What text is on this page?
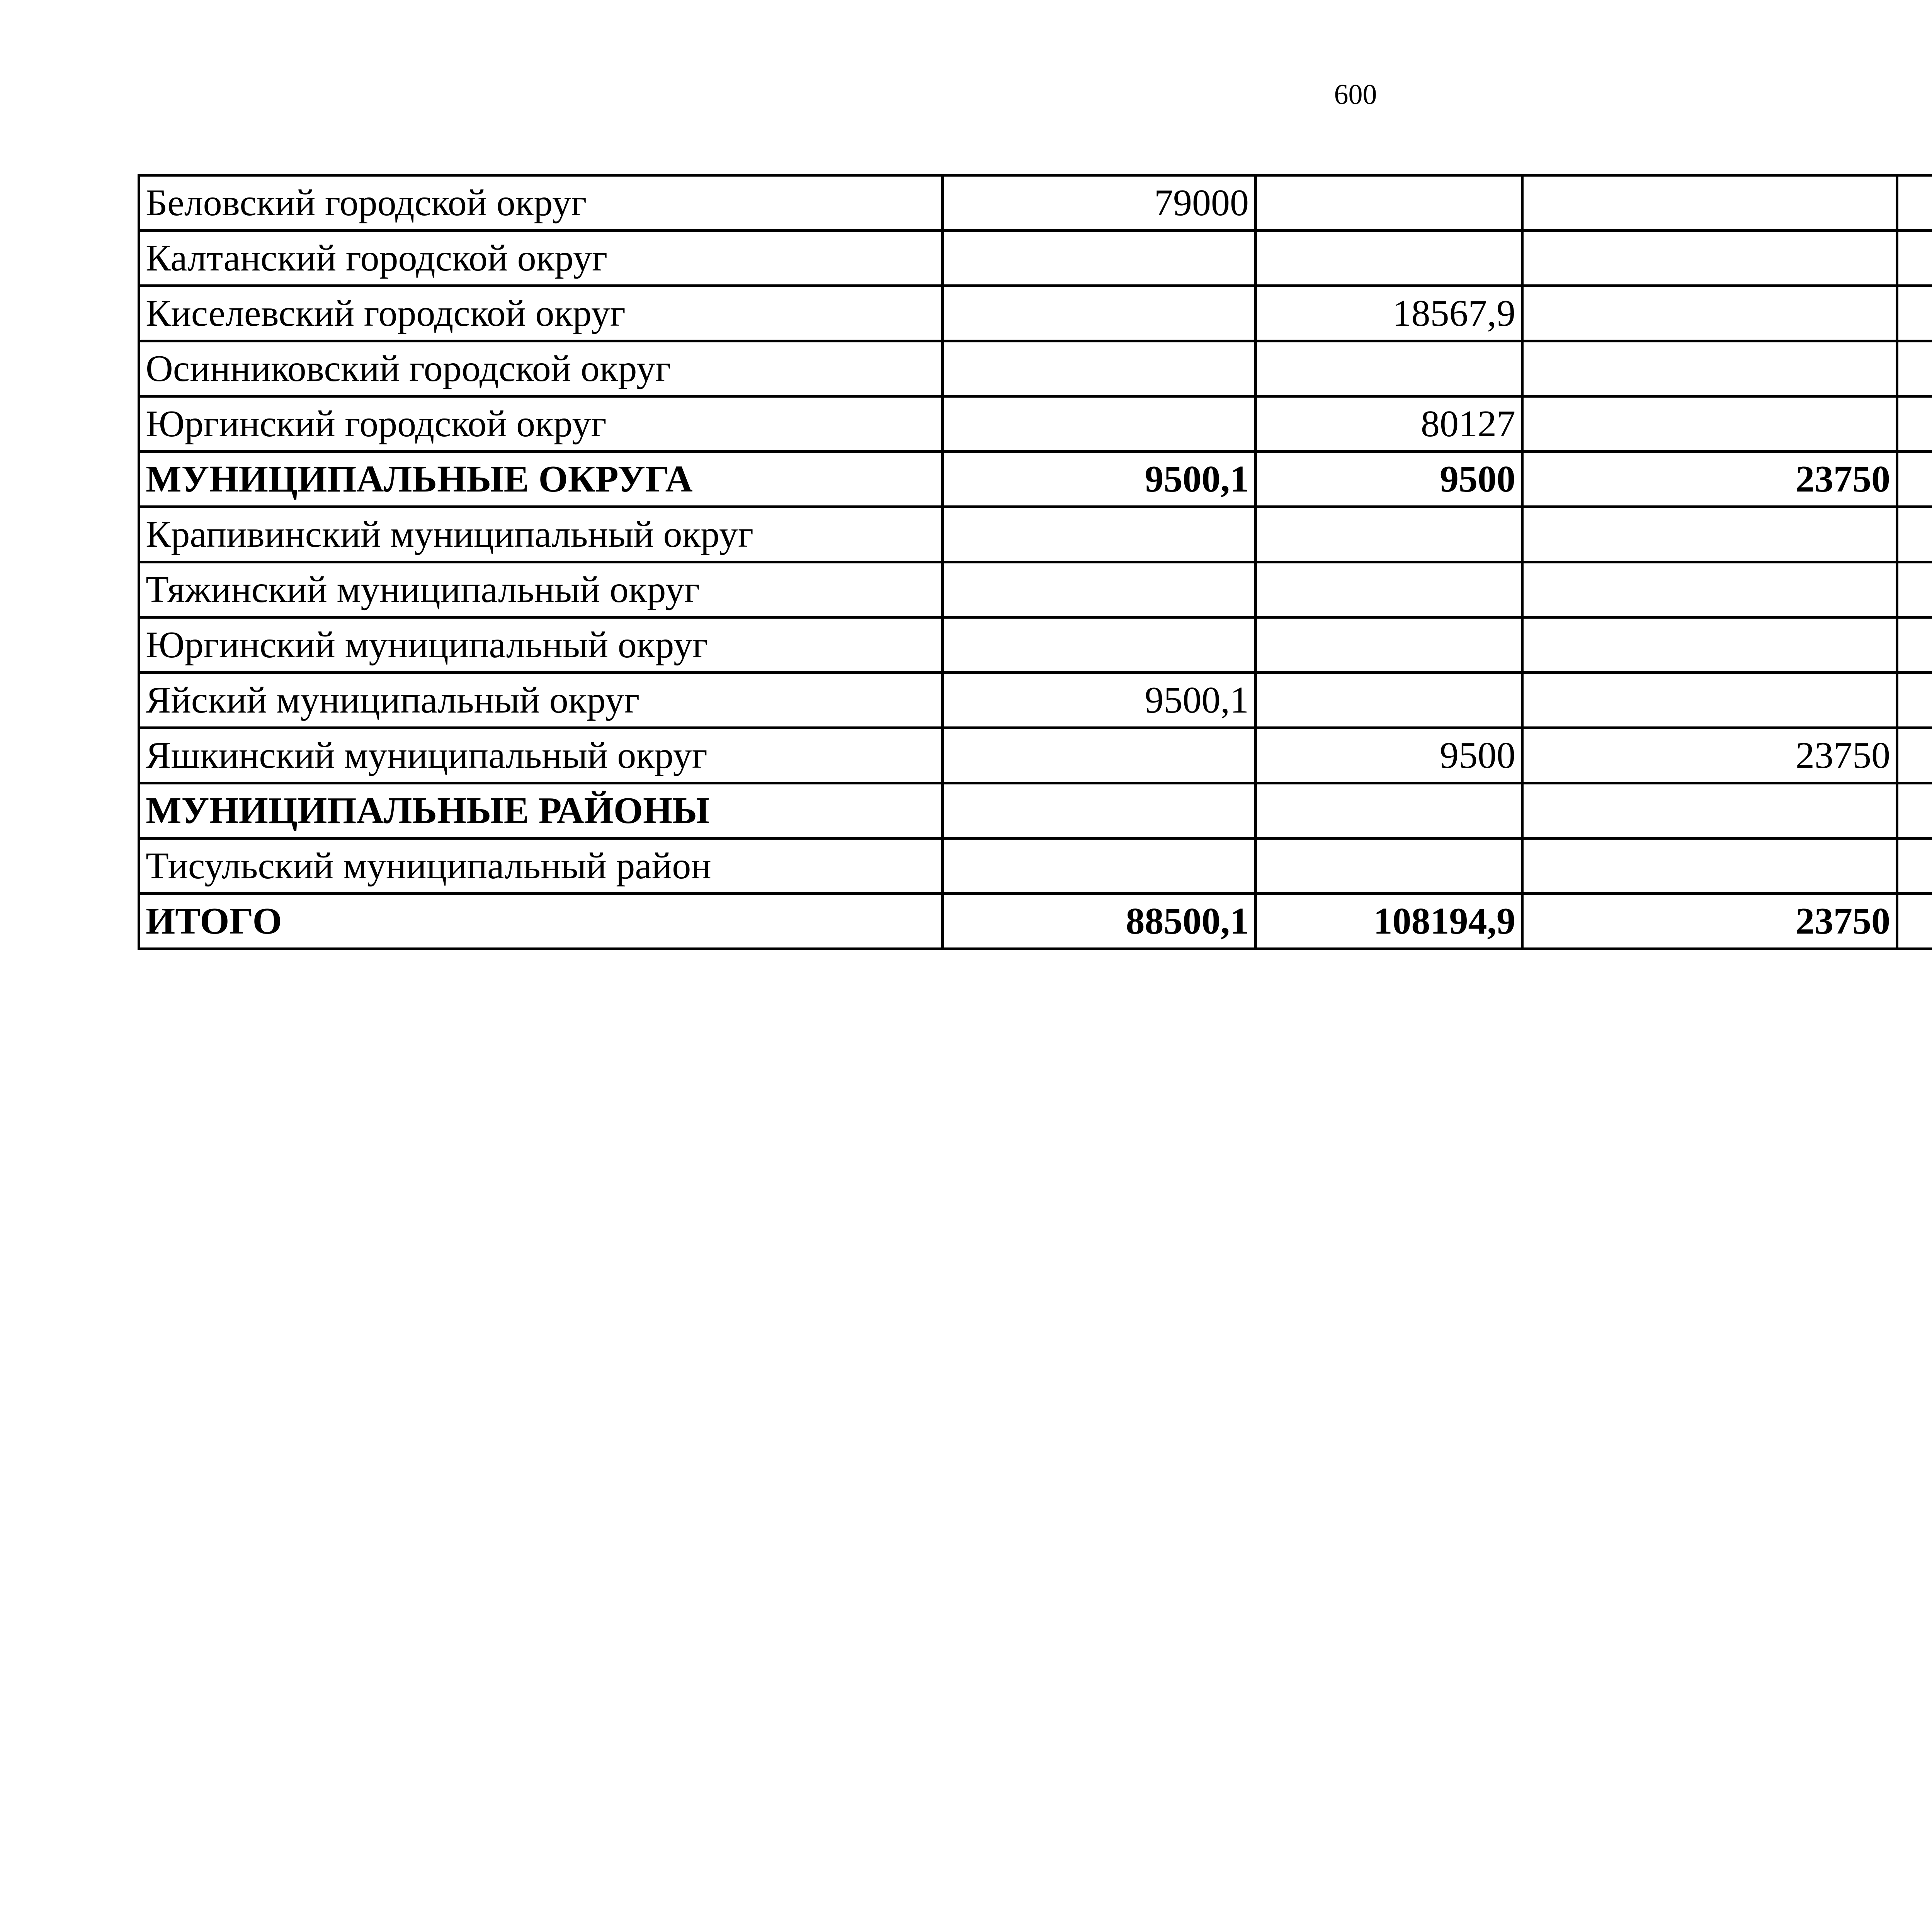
600
Беловский городской округ	79000					
Калтанский городской округ						
Киселевский городской округ		18567,9				
Осинниковский городской округ						
Юргинский городской округ		80127				
МУНИЦИПАЛЬНЫЕ ОКРУГА	9500,1	9500	23750			
Крапивинский муниципальный округ						
Тяжинский муниципальный округ						
Юргинский муниципальный округ						
Яйский муниципальный округ	9500,1					
Яшкинский муниципальный округ		9500	23750			
МУНИЦИПАЛЬНЫЕ РАЙОНЫ						
Тисульский муниципальный район						
ИТОГО	88500,1	108194,9	23750			
